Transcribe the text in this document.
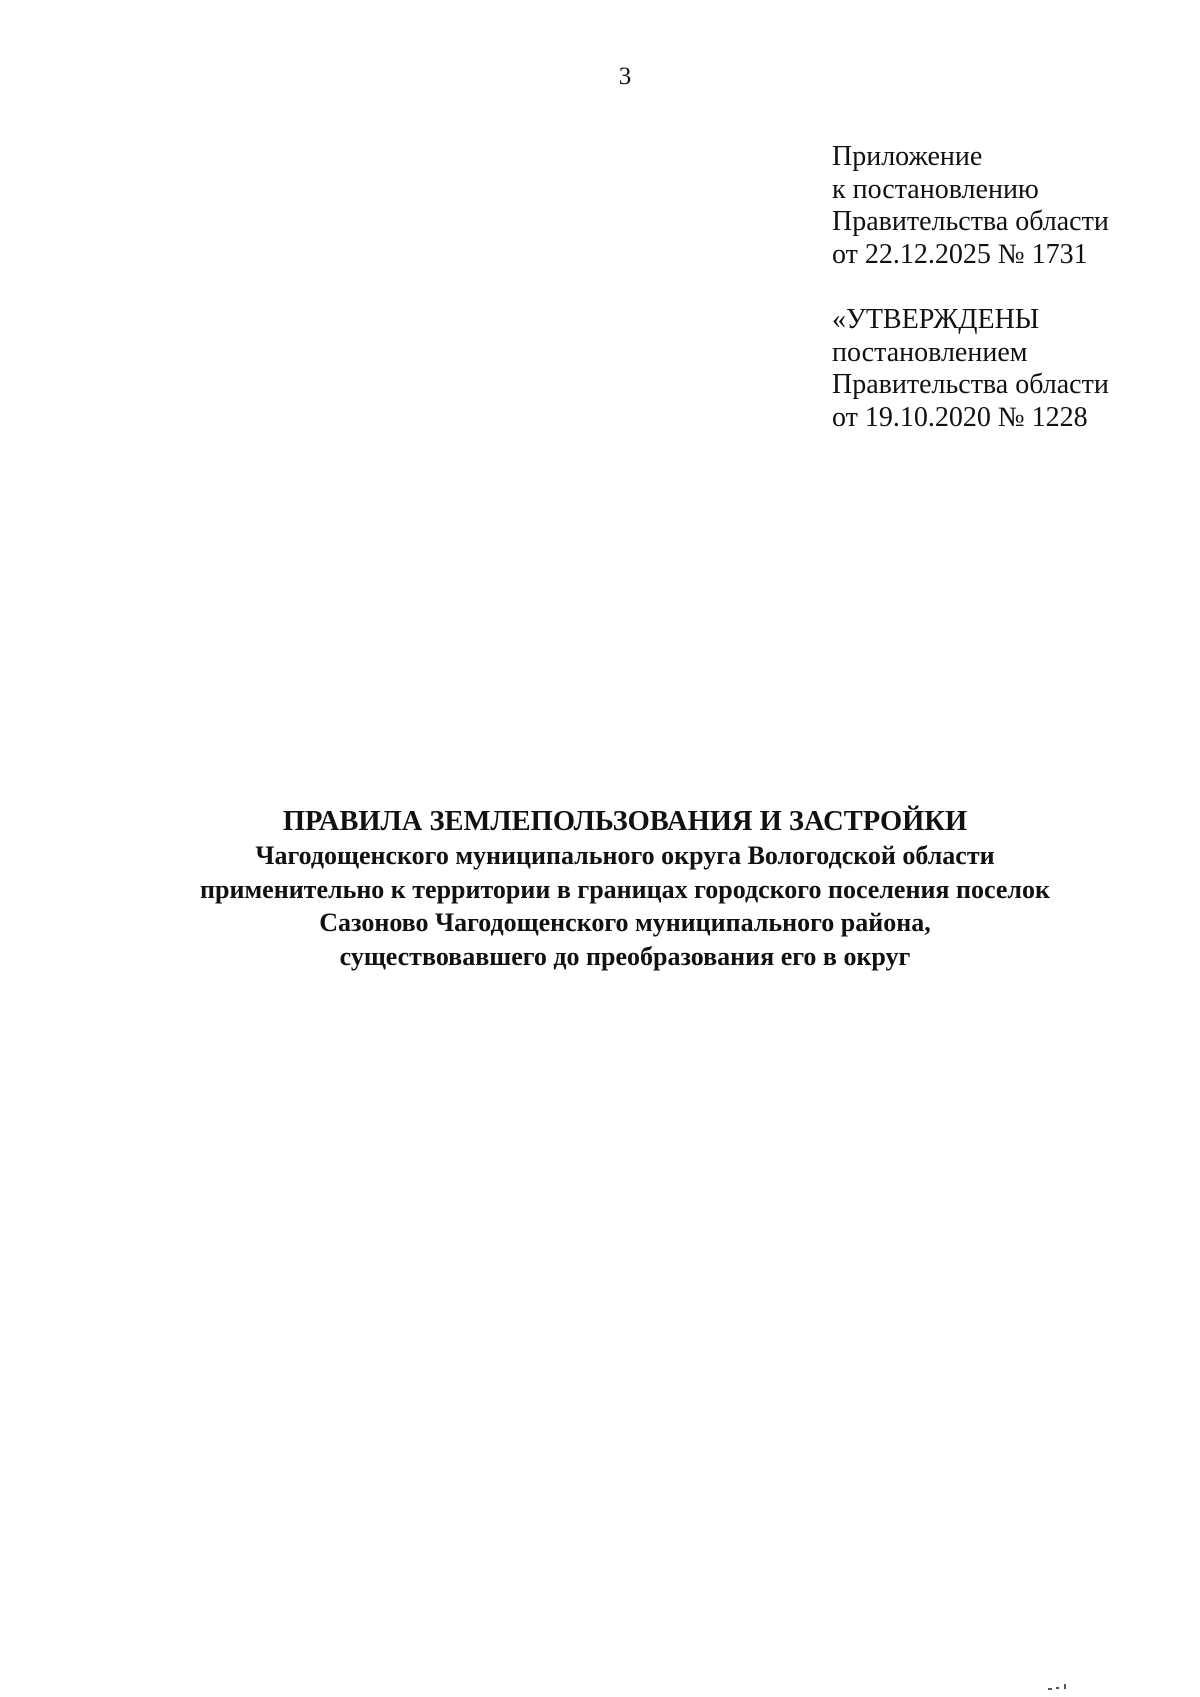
3
Приложение
к постановлению
Правительства области
от 22.12.2025 № 1731
«УТВЕРЖДЕНЫ
постановлением
Правительства области
от 19.10.2020 № 1228
ПРАВИЛА ЗЕМЛЕПОЛЬЗОВАНИЯ И ЗАСТРОЙКИ
Чагодощенского муниципального округа Вологодской области
применительно к территории в границах городского поселения поселок
Сазоново Чагодощенского муниципального района,
существовавшего до преобразования его в округ
